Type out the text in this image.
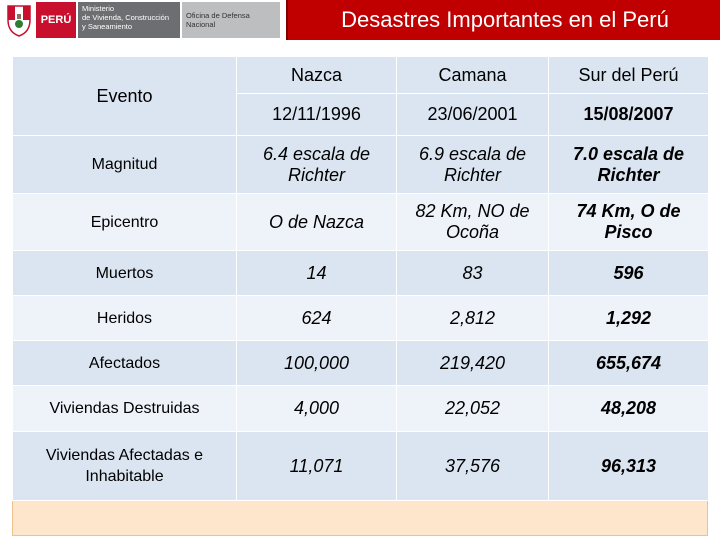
PERÚ
Ministerio
de Vivienda, Construcción
y Saneamiento
Oficina de Defensa Nacional	Desastres Importantes en el Perú
Evento	Nazca	Camana	Sur del Perú
	12/11/1996	23/06/2001	15/08/2007
Magnitud	6.4 escala de Richter	6.9 escala de Richter	7.0 escala de Richter
Epicentro	O de Nazca	82 Km, NO de Ocoña	74 Km, O de Pisco
Muertos	14	83	596
Heridos	624	2,812	1,292
Afectados	100,000	219,420	655,674
Viviendas Destruidas	4,000	22,052	48,208
Viviendas Afectadas e Inhabitable	11,071	37,576	96,313
